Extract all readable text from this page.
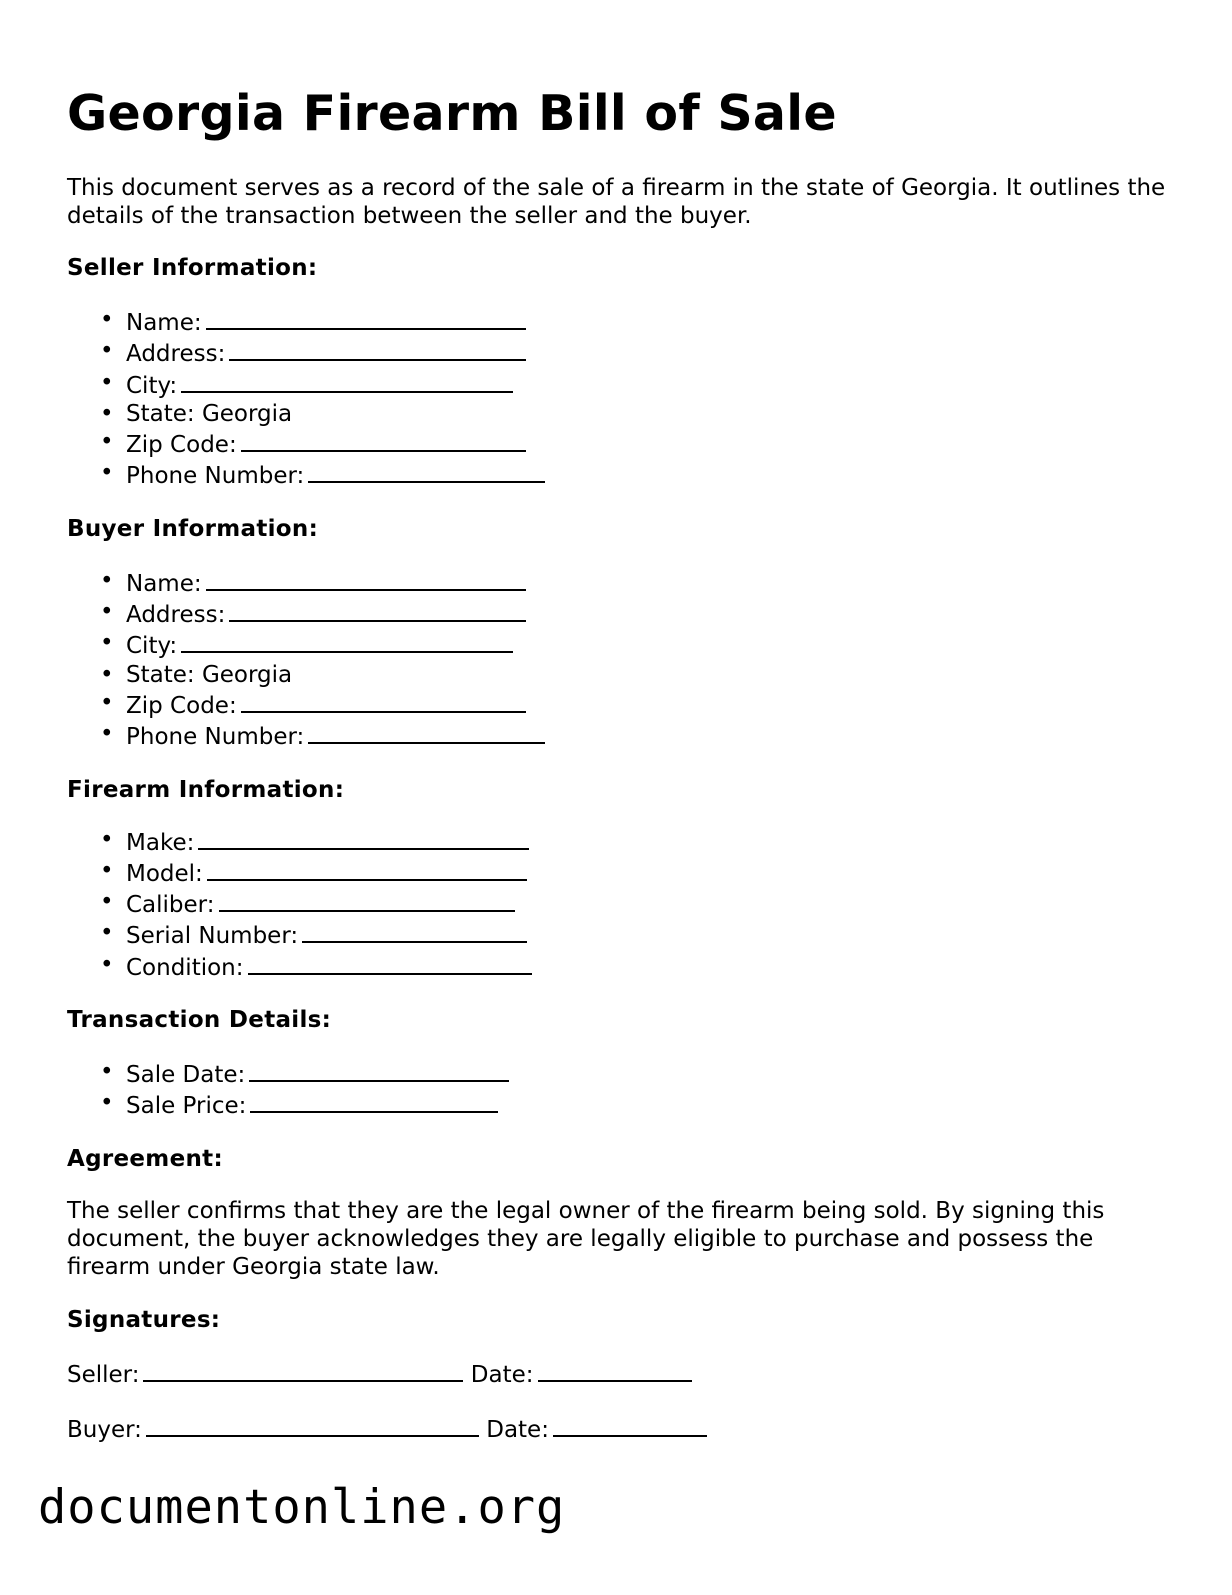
Georgia Firearm Bill of Sale

This document serves as a record of the sale of a firearm in the state of Georgia. It outlines the details of the transaction between the seller and the buyer.

Seller Information:
• Name:
• Address:
• City:
• State: Georgia
• Zip Code:
• Phone Number:
Buyer Information:
• Name:
• Address:
• City:
• State: Georgia
• Zip Code:
• Phone Number:
Firearm Information:
• Make:
• Model:
• Caliber:
• Serial Number:
• Condition:
Transaction Details:
• Sale Date:
• Sale Price:
Agreement:

The seller confirms that they are the legal owner of the firearm being sold. By signing this document, the buyer acknowledges they are legally eligible to purchase and possess the firearm under Georgia state law.

Signatures:
Seller:	Date:
Buyer:	Date:
documentonline.org
